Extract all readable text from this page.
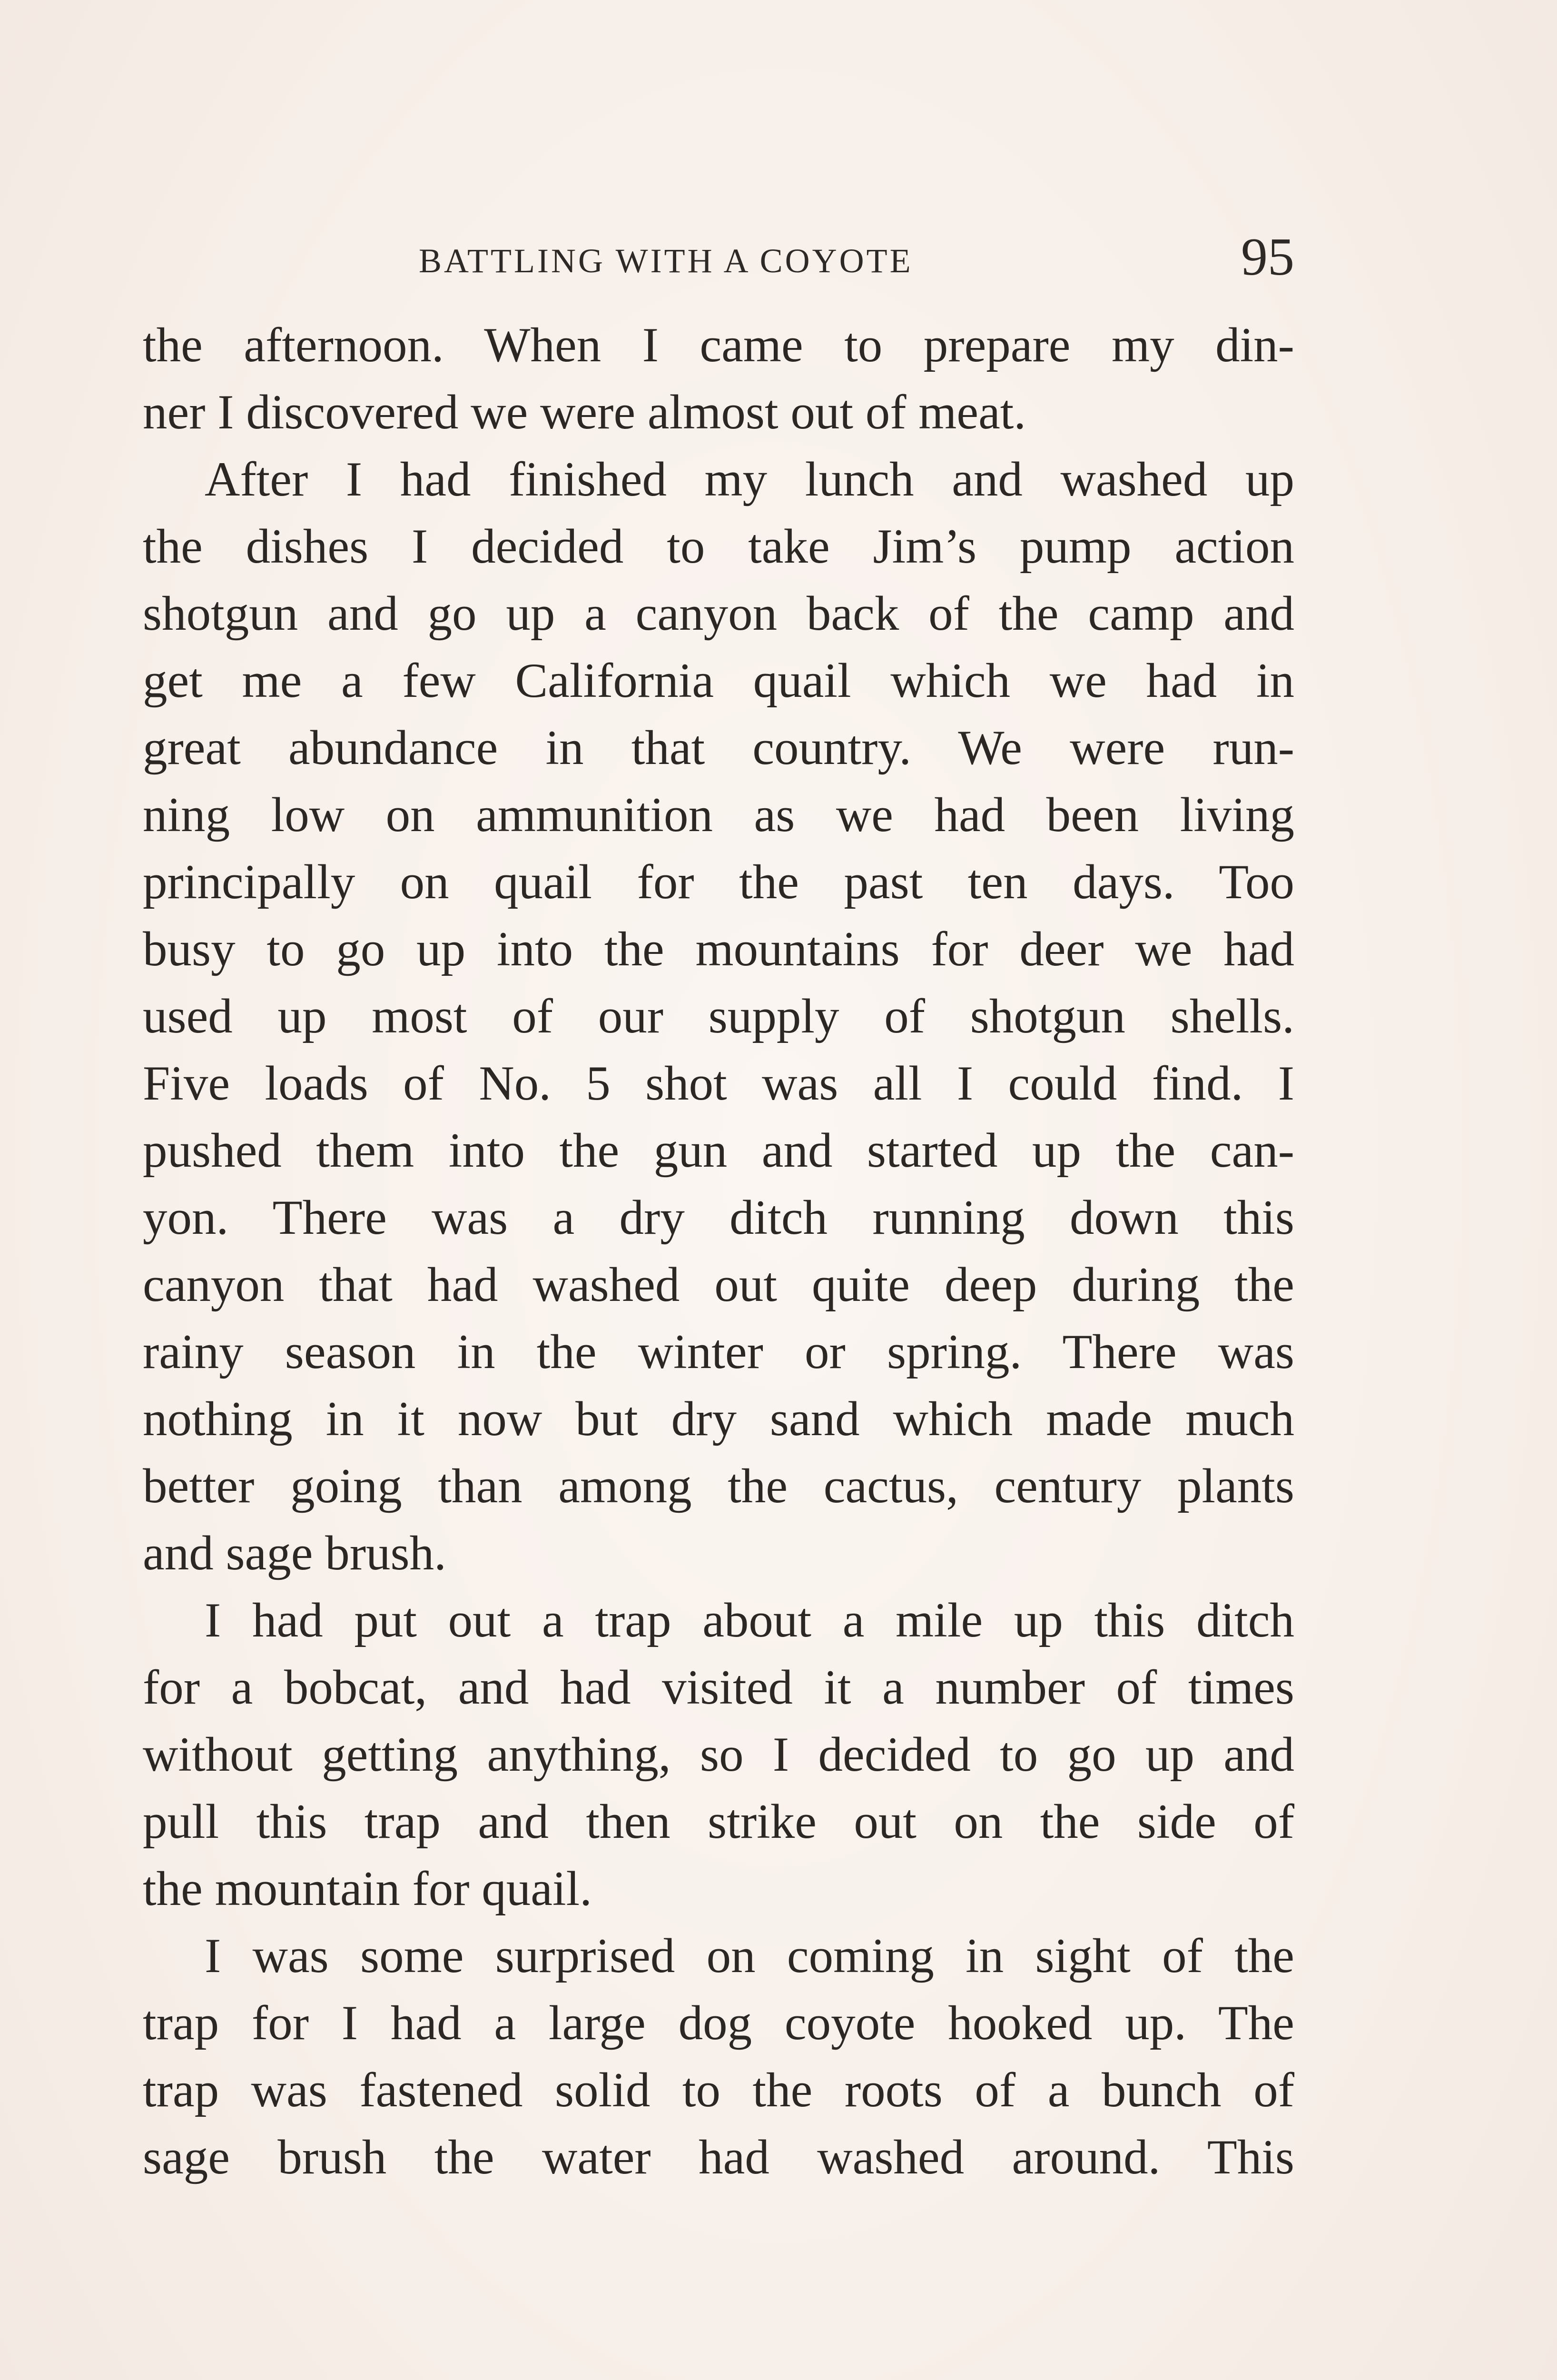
BATTLING WITH A COYOTE	95
the afternoon. When I came to prepare my din-
ner I discovered we were almost out of meat.
After I had finished my lunch and washed up
the dishes I decided to take Jim’s pump action
shotgun and go up a canyon back of the camp and
get me a few California quail which we had in
great abundance in that country. We were run-
ning low on ammunition as we had been living
principally on quail for the past ten days. Too
busy to go up into the mountains for deer we had
used up most of our supply of shotgun shells.
Five loads of No. 5 shot was all I could find. I
pushed them into the gun and started up the can-
yon. There was a dry ditch running down this
canyon that had washed out quite deep during the
rainy season in the winter or spring. There was
nothing in it now but dry sand which made much
better going than among the cactus, century plants
and sage brush.
I had put out a trap about a mile up this ditch
for a bobcat, and had visited it a number of times
without getting anything, so I decided to go up and
pull this trap and then strike out on the side of
the mountain for quail.
I was some surprised on coming in sight of the
trap for I had a large dog coyote hooked up. The
trap was fastened solid to the roots of a bunch of
sage brush the water had washed around. This
